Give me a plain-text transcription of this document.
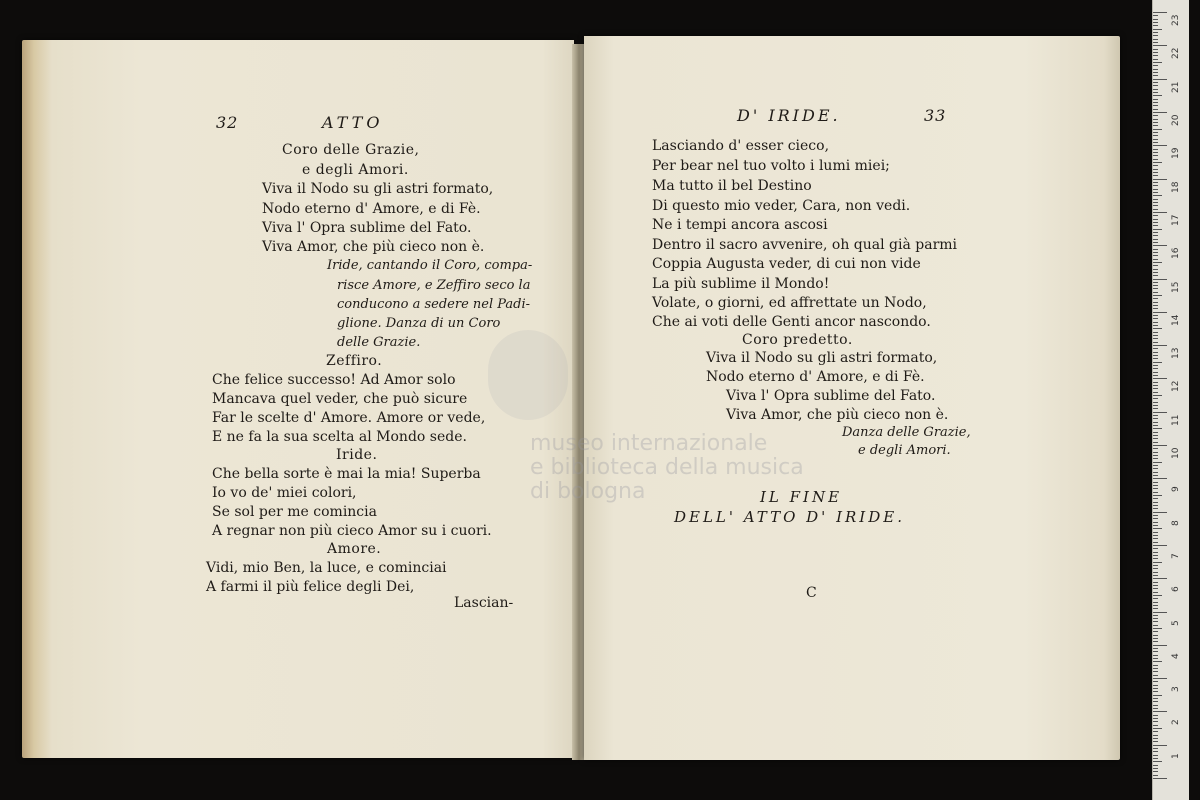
32	ATTO
Coro delle Grazie,
e degli Amori.
Viva il Nodo su gli astri formato,
Nodo eterno d' Amore, e di Fè.
Viva l' Opra sublime del Fato.
Viva Amor, che più cieco non è.
Iride, cantando il Coro, compa-
risce Amore, e Zeffiro seco la
conducono a sedere nel Padi-
glione. Danza di un Coro
delle Grazie.
Zeffiro.
Che felice successo! Ad Amor solo
Mancava quel veder, che può sicure
Far le scelte d' Amore. Amore or vede,
E ne fa la sua scelta al Mondo sede.
Iride.
Che bella sorte è mai la mia! Superba
Io vo de' miei colori,
Se sol per me comincia
A regnar non più cieco Amor su i cuori.
Amore.
Vidi, mio Ben, la luce, e cominciai
A farmi il più felice degli Dei,
Lascian-
D' IRIDE.	33
Lasciando d' esser cieco,
Per bear nel tuo volto i lumi miei;
Ma tutto il bel Destino
Di questo mio veder, Cara, non vedi.
Ne i tempi ancora ascosi
Dentro il sacro avvenire, oh qual già parmi
Coppia Augusta veder, di cui non vide
La più sublime il Mondo!
Volate, o giorni, ed affrettate un Nodo,
Che ai voti delle Genti ancor nascondo.
Coro predetto.
Viva il Nodo su gli astri formato,
Nodo eterno d' Amore, e di Fè.
Viva l' Opra sublime del Fato.
Viva Amor, che più cieco non è.
Danza delle Grazie,
e degli Amori.
IL FINE
DELL' ATTO D' IRIDE.
C
museo internazionale
e biblioteca della musica
di bologna
1
2
3
4
5
6
7
8
9
10
11
12
13
14
15
16
17
18
19
20
21
22
23
